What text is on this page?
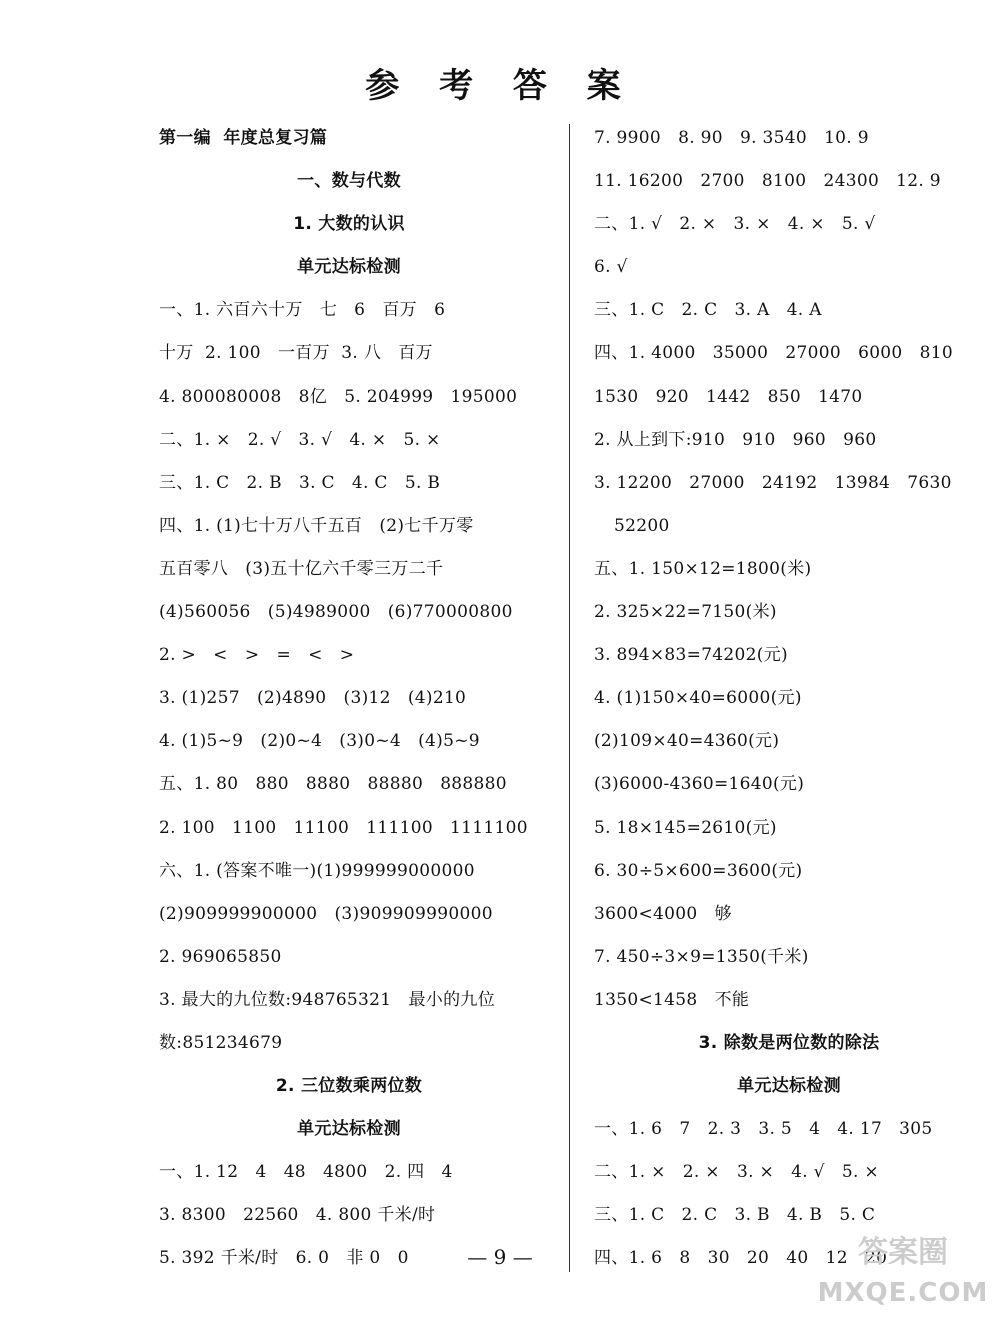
参 考 答 案
第一编  年度总复习篇
一、数与代数
1. 大数的认识
单元达标检测
一、1. 六百六十万   七   6   百万   6
十万  2. 100   一百万  3. 八   百万
4. 800080008   8亿   5. 204999   195000
二、1. ×   2. √   3. √   4. ×   5. ×
三、1. C   2. B   3. C   4. C   5. B
四、1. (1)七十万八千五百   (2)七千万零
五百零八   (3)五十亿六千零三万二千
(4)560056   (5)4989000   (6)770000800
2. >   <   >   =   <   >
3. (1)257   (2)4890   (3)12   (4)210
4. (1)5~9   (2)0~4   (3)0~4   (4)5~9
五、1. 80   880   8880   88880   888880
2. 100   1100   11100   111100   1111100
六、1. (答案不唯一)(1)999999000000
(2)909999900000   (3)909909990000
2. 969065850
3. 最大的九位数:948765321   最小的九位
数:851234679
2. 三位数乘两位数
单元达标检测
一、1. 12   4   48   4800   2. 四   4
3. 8300   22560   4. 800 千米/时
5. 392 千米/时   6. 0   非 0   0
7. 9900   8. 90   9. 3540   10. 9
11. 16200   2700   8100   24300   12. 9
二、1. √   2. ×   3. ×   4. ×   5. √
6. √
三、1. C   2. C   3. A   4. A
四、1. 4000   35000   27000   6000   810
1530   920   1442   850   1470
2. 从上到下:910   910   960   960
3. 12200   27000   24192   13984   7630
52200
五、1. 150×12=1800(米)
2. 325×22=7150(米)
3. 894×83=74202(元)
4. (1)150×40=6000(元)
(2)109×40=4360(元)
(3)6000-4360=1640(元)
5. 18×145=2610(元)
6. 30÷5×600=3600(元)
3600<4000   够
7. 450÷3×9=1350(千米)
1350<1458   不能
3. 除数是两位数的除法
单元达标检测
一、1. 6   7   2. 3   3. 5   4   4. 17   305
二、1. ×   2. ×   3. ×   4. √   5. ×
三、1. C   2. C   3. B   4. B   5. C
四、1. 6   8   30   20   40   12   20
— 9 —	答案圈
MXQE.COM
